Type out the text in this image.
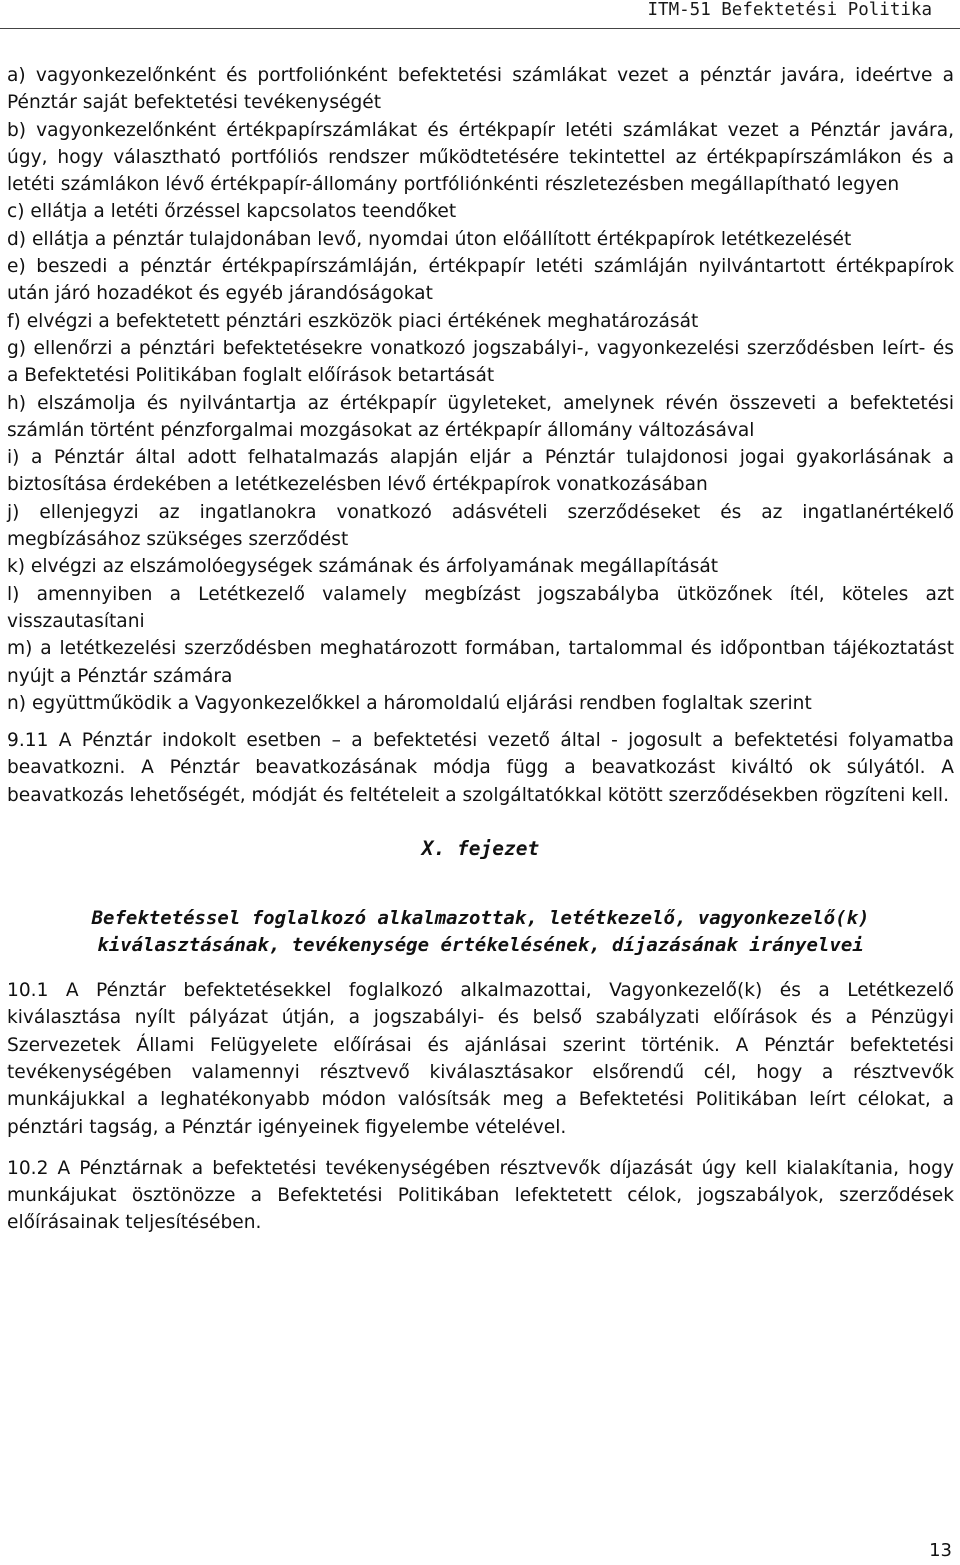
ITM-51 Befektetési Politika

a) vagyonkezelőnként és portfoliónként befektetési számlákat vezet a pénztár javára, ideértve a Pénztár saját befektetési tevékenységét

b) vagyonkezelőnként értékpapírszámlákat és értékpapír letéti számlákat vezet a Pénztár javára, úgy, hogy választható portfóliós rendszer működtetésére tekintettel az értékpapírszámlákon és a letéti számlákon lévő értékpapír-állomány portfóliónkénti részletezésben megállapítható legyen

c) ellátja a letéti őrzéssel kapcsolatos teendőket

d) ellátja a pénztár tulajdonában levő, nyomdai úton előállított értékpapírok letétkezelését

e) beszedi a pénztár értékpapírszámláján, értékpapír letéti számláján nyilvántartott értékpapírok után járó hozadékot és egyéb járandóságokat

f) elvégzi a befektetett pénztári eszközök piaci értékének meghatározását

g) ellenőrzi a pénztári befektetésekre vonatkozó jogszabályi-, vagyonkezelési szerződésben leírt- és a Befektetési Politikában foglalt előírások betartását

h) elszámolja és nyilvántartja az értékpapír ügyleteket, amelynek révén összeveti a befektetési számlán történt pénzforgalmai mozgásokat az értékpapír állomány változásával

i) a Pénztár által adott felhatalmazás alapján eljár a Pénztár tulajdonosi jogai gyakorlásának a biztosítása érdekében a letétkezelésben lévő értékpapírok vonatkozásában

j) ellenjegyzi az ingatlanokra vonatkozó adásvételi szerződéseket és az ingatlanértékelő megbízásához szükséges szerződést

k) elvégzi az elszámolóegységek számának és árfolyamának megállapítását

l) amennyiben a Letétkezelő valamely megbízást jogszabályba ütközőnek ítél, köteles azt visszautasítani

m) a letétkezelési szerződésben meghatározott formában, tartalommal és időpontban tájékoztatást nyújt a Pénztár számára

n) együttműködik a Vagyonkezelőkkel a háromoldalú eljárási rendben foglaltak szerint

9.11 A Pénztár indokolt esetben – a befektetési vezető által - jogosult a befektetési folyamatba beavatkozni. A Pénztár beavatkozásának módja függ a beavatkozást kiváltó ok súlyától. A beavatkozás lehetőségét, módját és feltételeit a szolgáltatókkal kötött szerződésekben rögzíteni kell.

X. fejezet

Befektetéssel foglalkozó alkalmazottak, letétkezelő, vagyonkezelő(k) kiválasztásának, tevékenysége értékelésének, díjazásának irányelvei

10.1 A Pénztár befektetésekkel foglalkozó alkalmazottai, Vagyonkezelő(k) és a Letétkezelő kiválasztása nyílt pályázat útján, a jogszabályi- és belső szabályzati előírások és a Pénzügyi Szervezetek Állami Felügyelete előírásai és ajánlásai szerint történik. A Pénztár befektetési tevékenységében valamennyi résztvevő kiválasztásakor elsőrendű cél, hogy a résztvevők munkájukkal a leghatékonyabb módon valósítsák meg a Befektetési Politikában leírt célokat, a pénztári tagság, a Pénztár igényeinek figyelembe vételével.

10.2 A Pénztárnak a befektetési tevékenységében résztvevők díjazását úgy kell kialakítania, hogy munkájukat ösztönözze a Befektetési Politikában lefektetett célok, jogszabályok, szerződések előírásainak teljesítésében.

13
